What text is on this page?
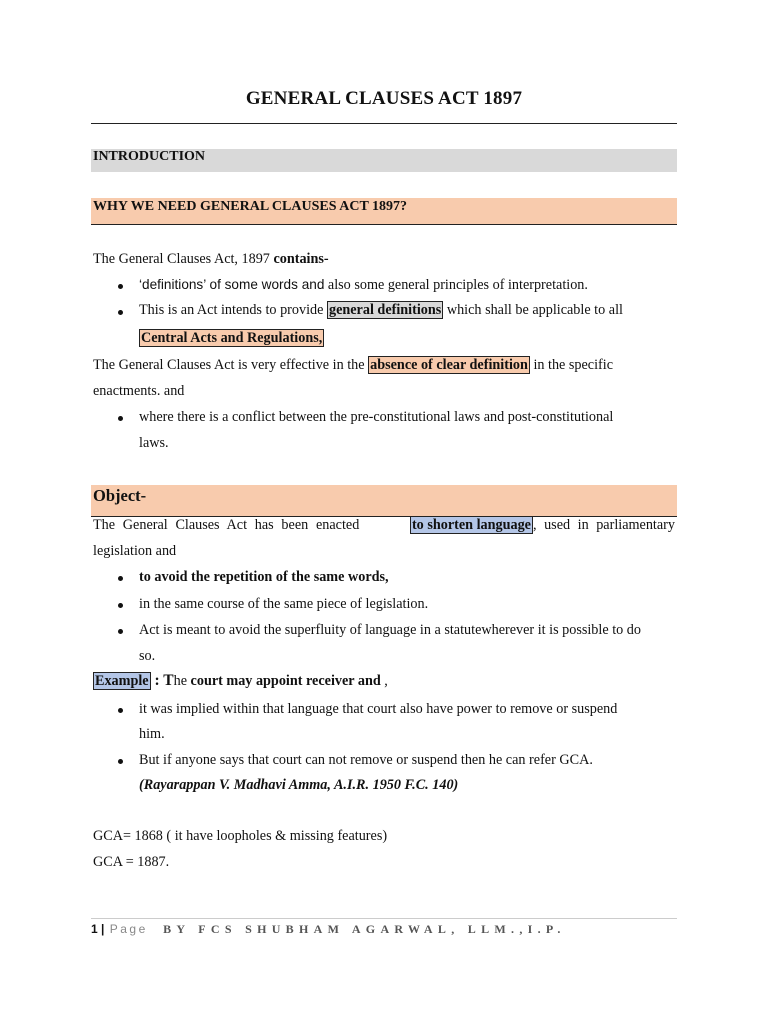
GENERAL CLAUSES ACT 1897
INTRODUCTION
WHY WE NEED GENERAL CLAUSES ACT 1897?
The General Clauses Act, 1897 contains-
‘definitions’ of some words and also some general principles of interpretation.
This is an Act intends to provide general definitions which shall be applicable to all
Central Acts and Regulations,
The General Clauses Act is very effective in the absence of clear definition in the specific
enactments. and
where there is a conflict between the pre-constitutional laws and post-constitutional
laws.
Object-
The General Clauses Act has been enacted	to shorten language , used in parliamentary
legislation and
to avoid the repetition of the same words,
in the same course of the same piece of legislation.
Act is meant to avoid the superfluity of language in a statutewherever it is possible to do
so.
Example : The court may appoint receiver and ,
it was implied within that language that court also have power to remove or suspend
him.
But if anyone says that court can not remove or suspend then he can refer GCA.
(Rayarappan V. Madhavi Amma, A.I.R. 1950 F.C. 140)
GCA= 1868 ( it have loopholes & missing features)
GCA = 1887.
1 | Page BY FCS SHUBHAM AGARWAL, LLM.,I.P.
